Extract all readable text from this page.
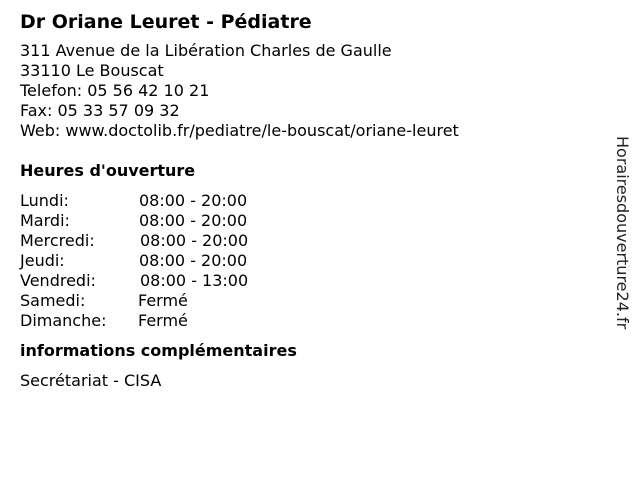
Dr Oriane Leuret - Pédiatre
311 Avenue de la Libération Charles de Gaulle
33110 Le Bouscat
Telefon: 05 56 42 10 21
Fax: 05 33 57 09 32
Web: www.doctolib.fr/pediatre/le-bouscat/oriane-leuret
Heures d'ouverture
Lundi:	08:00 - 20:00
Mardi:	08:00 - 20:00
Mercredi:	08:00 - 20:00
Jeudi:	08:00 - 20:00
Vendredi:	08:00 - 13:00
Samedi:	Fermé
Dimanche: Fermé
informations complémentaires
Secrétariat - CISA
Horairesdouverture24.fr
